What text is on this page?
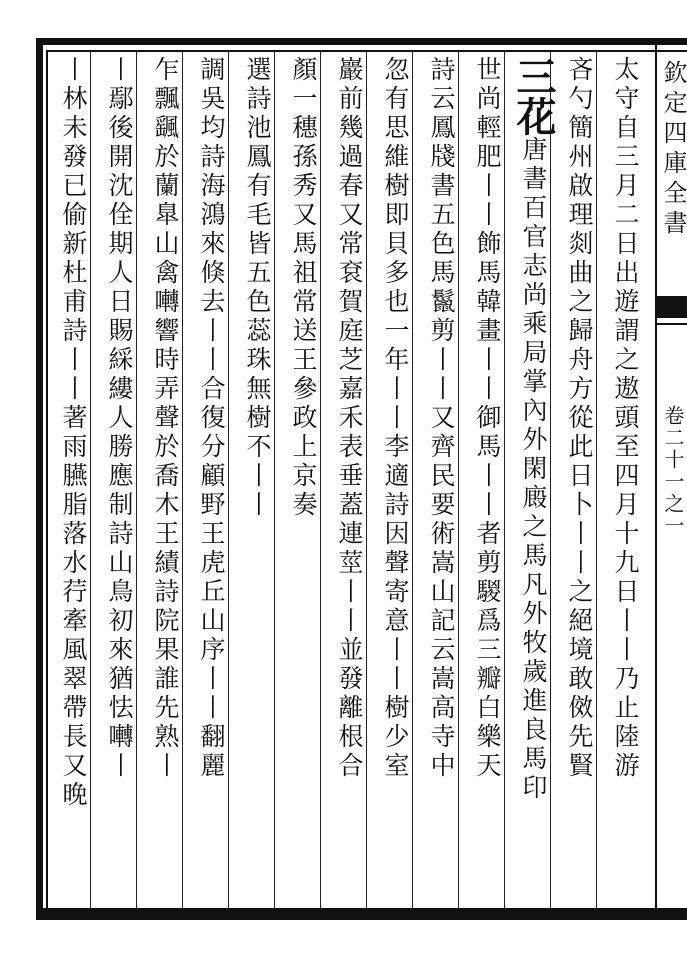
欽定四庫全書
卷二十一之一
太守自三月二日出遊謂之遨頭至四月十九日丨丨乃止陸游
吝勺簡州啟理剡曲之歸舟方從此日卜丨丨之絕境敢傚先賢
三花唐書百官志尚乘局掌內外閑廄之馬凡外牧歲進良馬印
世尚輕肥丨丨飾馬韓畫丨丨御馬丨丨者剪騣爲三瓣白樂天
詩云鳳牋書五色馬鬣剪丨丨又齊民要術嵩山記云嵩高寺中
忽有思維樹即貝多也一年丨丨李適詩因聲寄意丨丨樹少室
巖前幾過春又常袞賀庭芝嘉禾表垂蓋連莖丨丨並發離根合
顏一穗孫秀又馬祖常送王參政上京奏
選詩池鳳有毛皆五色蕊珠無樹不丨丨
調吳均詩海鴻來倏去丨丨合復分顧野王虎丘山序丨丨翻麗
乍飄颻於蘭臯山禽囀響時弄聲於喬木王績詩院果誰先熟丨
丨鄢後開沈佺期人日賜綵縷人勝應制詩山鳥初來猶怯囀丨
丨林未發已偷新杜甫詩丨丨著雨臙脂落水荇牽風翠帶長又晚
